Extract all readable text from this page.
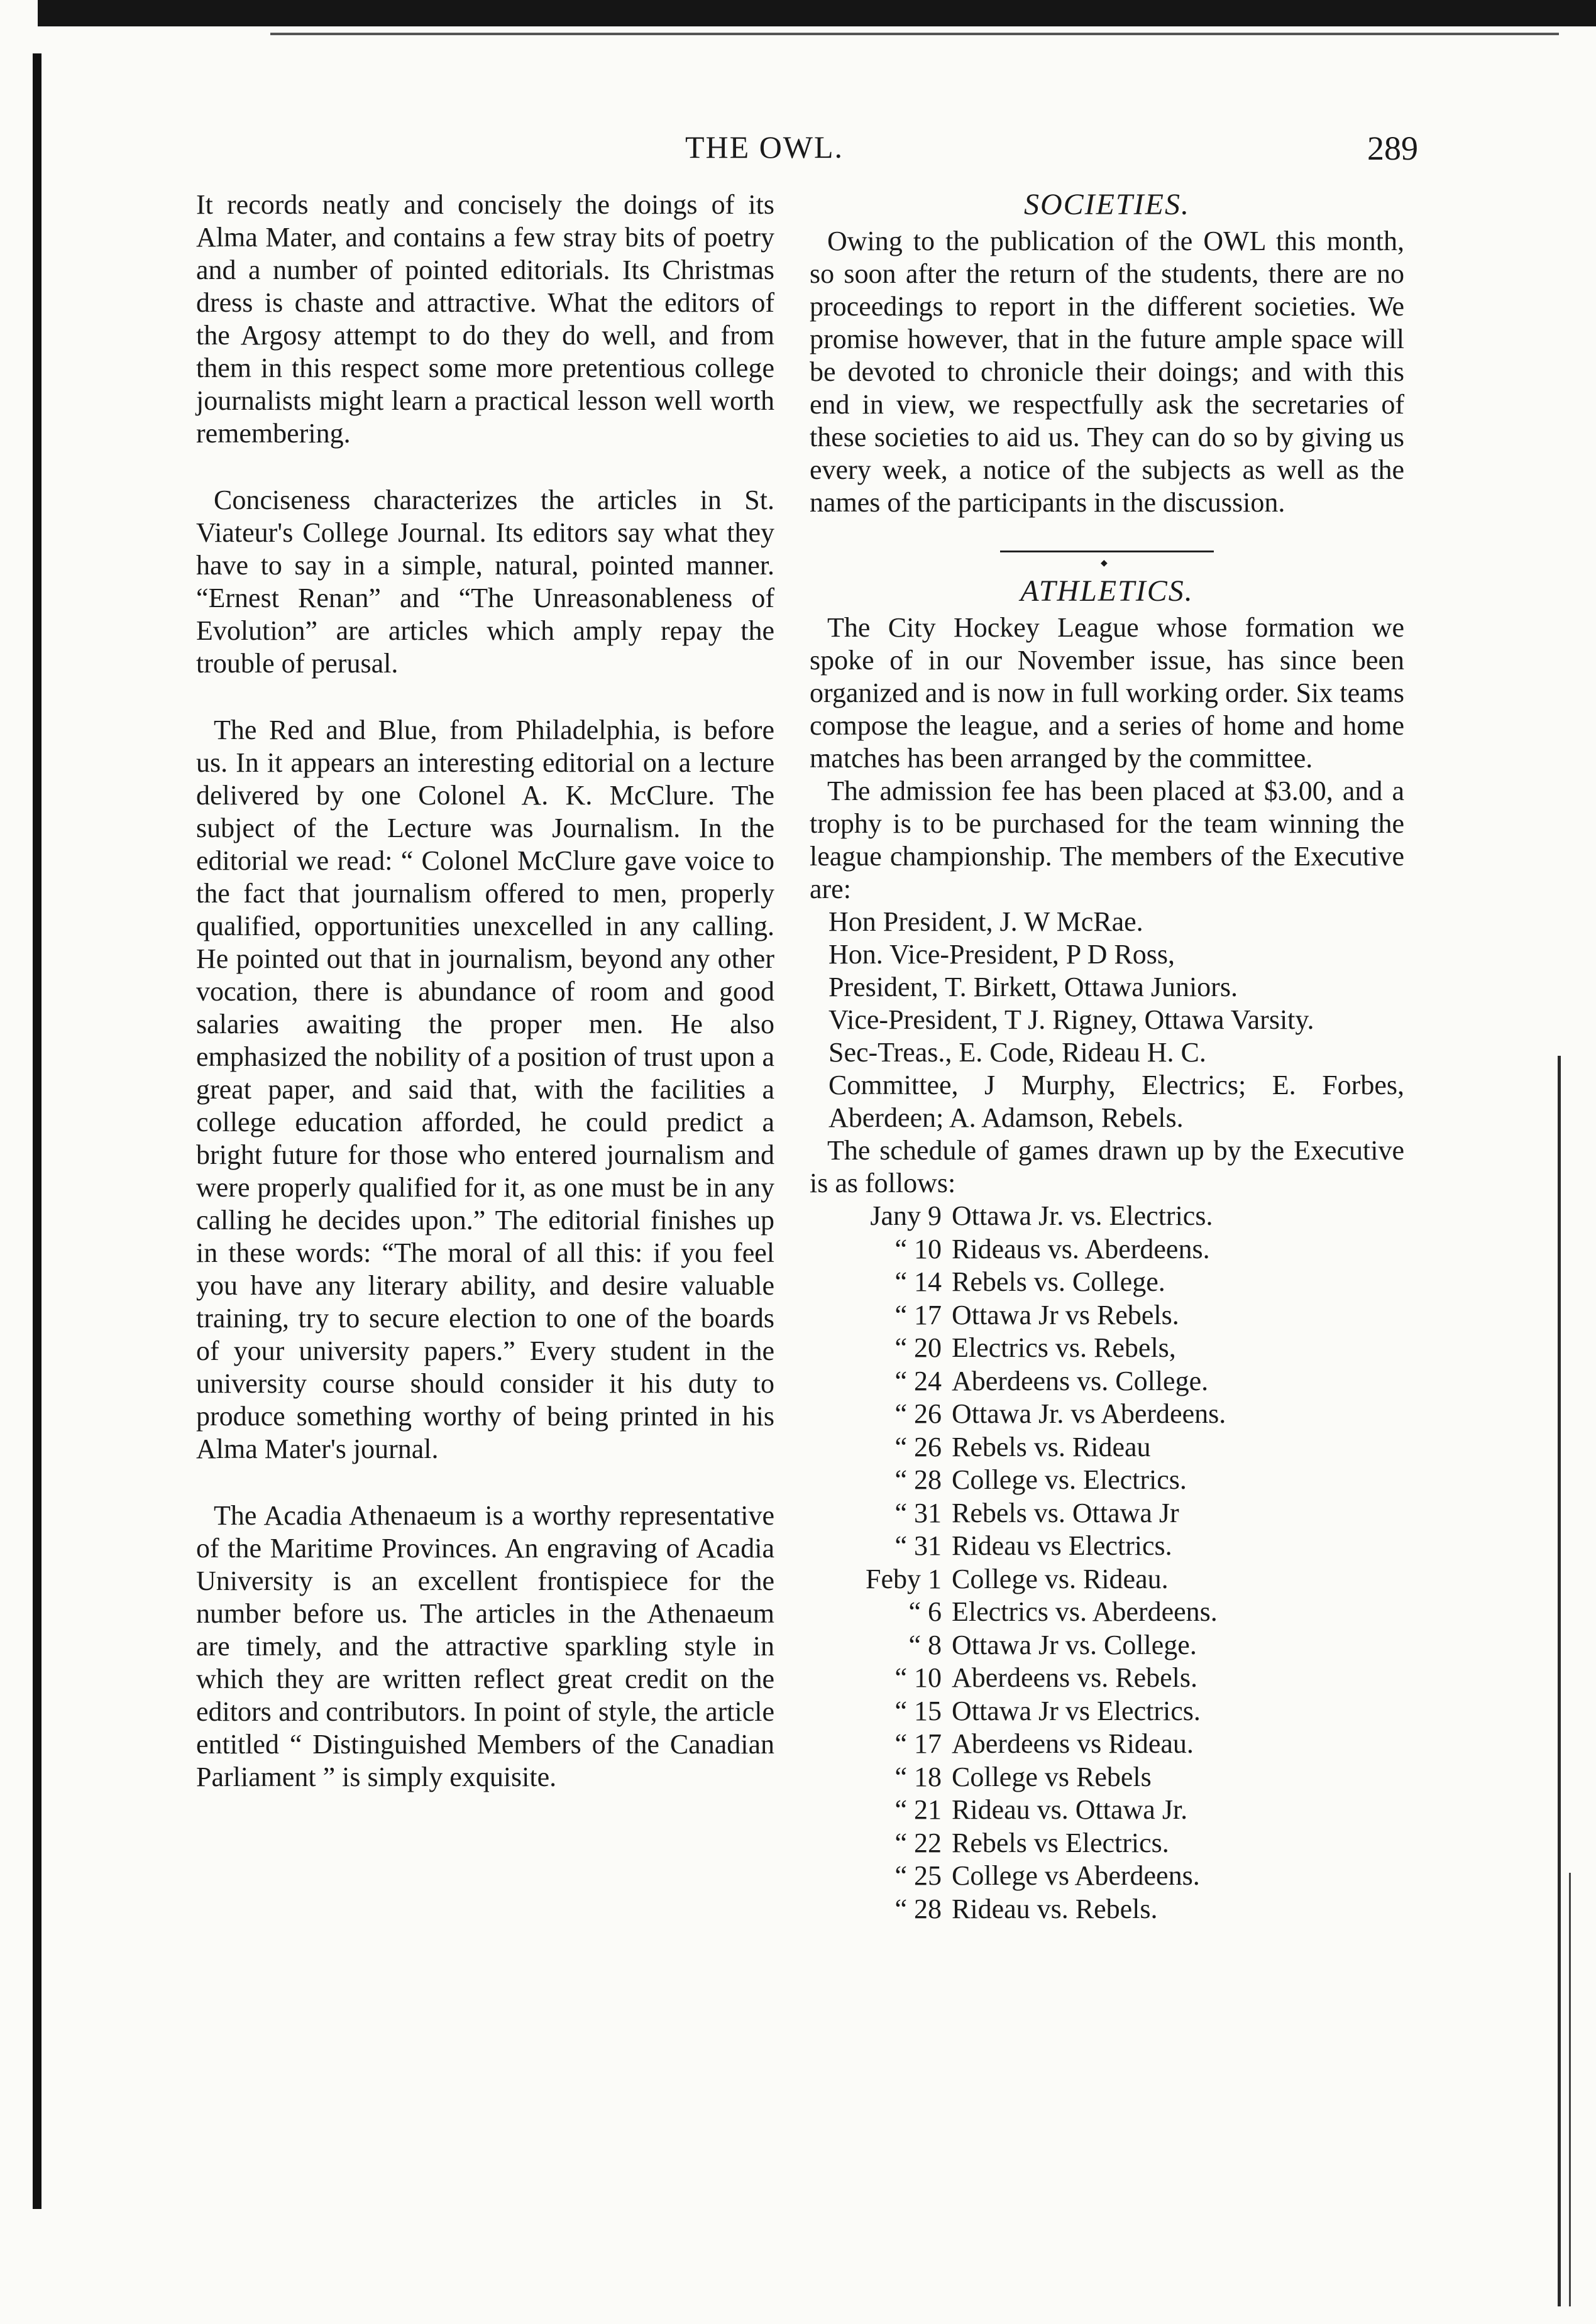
THE OWL.	289

It records neatly and concisely the doings of its Alma Mater, and contains a few stray bits of poetry and a number of pointed editorials. Its Christmas dress is chaste and attractive. What the editors of the Argosy attempt to do they do well, and from them in this respect some more pretentious college journalists might learn a practical lesson well worth remembering.

Conciseness characterizes the articles in St. Viateur's College Journal. Its editors say what they have to say in a simple, natural, pointed manner. “Ernest Renan” and “The Unreasonableness of Evolution” are articles which amply repay the trouble of perusal.

The Red and Blue, from Philadelphia, is before us. In it appears an interesting editorial on a lecture delivered by one Colonel A. K. McClure. The subject of the Lecture was Journalism. In the editorial we read: “ Colonel McClure gave voice to the fact that journalism offered to men, properly qualified, opportunities unexcelled in any calling. He pointed out that in journalism, beyond any other vocation, there is abundance of room and good salaries awaiting the proper men. He also emphasized the nobility of a position of trust upon a great paper, and said that, with the facilities a college education afforded, he could predict a bright future for those who entered journalism and were properly qualified for it, as one must be in any calling he decides upon.” The editorial finishes up in these words: “The moral of all this: if you feel you have any literary ability, and desire valuable training, try to secure election to one of the boards of your university papers.” Every student in the university course should consider it his duty to produce something worthy of being printed in his Alma Mater's journal.

The Acadia Athenaeum is a worthy representative of the Maritime Provinces. An engraving of Acadia University is an excellent frontispiece for the number before us. The articles in the Athenaeum are timely, and the attractive sparkling style in which they are written reflect great credit on the editors and contributors. In point of style, the article entitled “ Distinguished Members of the Canadian Parliament ” is simply exquisite.

SOCIETIES.

Owing to the publication of the OWL this month, so soon after the return of the students, there are no proceedings to report in the different societies. We promise however, that in the future ample space will be devoted to chronicle their doings; and with this end in view, we respectfully ask the secretaries of these societies to aid us. They can do so by giving us every week, a notice of the subjects as well as the names of the participants in the discussion.

◆
ATHLETICS.

The City Hockey League whose formation we spoke of in our November issue, has since been organized and is now in full working order. Six teams compose the league, and a series of home and home matches has been arranged by the committee.

The admission fee has been placed at $3.00, and a trophy is to be purchased for the team winning the league championship. The members of the Executive are:

Hon President, J. W McRae.

Hon. Vice-President, P D Ross,

President, T. Birkett, Ottawa Juniors.

Vice-President, T J. Rigney, Ottawa Varsity.

Sec-Treas., E. Code, Rideau H. C.

Committee, J Murphy, Electrics; E. Forbes, Aberdeen; A. Adamson, Rebels.

The schedule of games drawn up by the Executive is as follows:

Jany 9 Ottawa Jr. vs. Electrics.
“ 10 Rideaus vs. Aberdeens.
“ 14 Rebels vs. College.
“ 17 Ottawa Jr vs Rebels.
“ 20 Electrics vs. Rebels,
“ 24 Aberdeens vs. College.
“ 26 Ottawa Jr. vs Aberdeens.
“ 26 Rebels vs. Rideau
“ 28 College vs. Electrics.
“ 31 Rebels vs. Ottawa Jr
“ 31 Rideau vs Electrics.
Feby 1 College vs. Rideau.
“ 6 Electrics vs. Aberdeens.
“ 8 Ottawa Jr vs. College.
“ 10 Aberdeens vs. Rebels.
“ 15 Ottawa Jr vs Electrics.
“ 17 Aberdeens vs Rideau.
“ 18 College vs Rebels
“ 21 Rideau vs. Ottawa Jr.
“ 22 Rebels vs Electrics.
“ 25 College vs Aberdeens.
“ 28 Rideau vs. Rebels.
